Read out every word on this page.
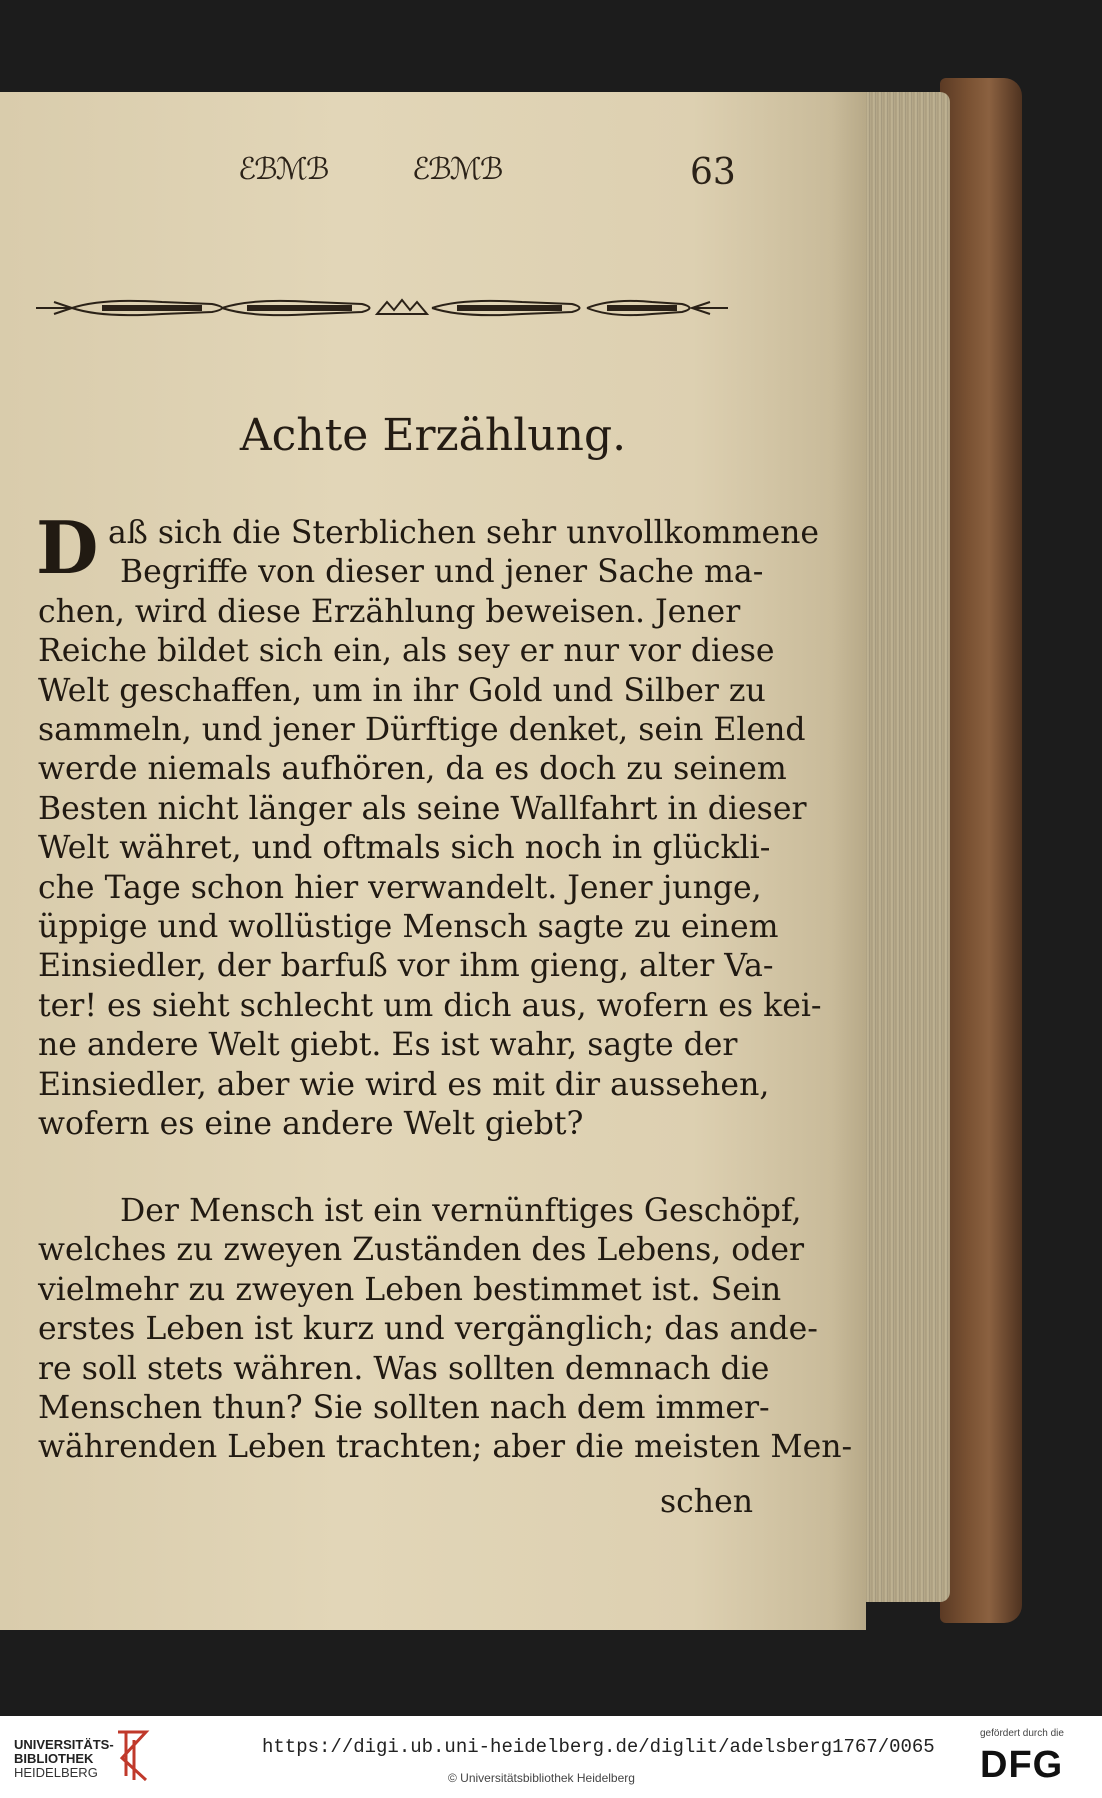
ℰℬℳℬ	ℰℬℳℬ	63
Achte Erzählung.
D aß sich die Sterblichen sehr unvollkommene
Begriffe von dieser und jener Sache ma-
chen, wird diese Erzählung beweisen. Jener
Reiche bildet sich ein, als sey er nur vor diese
Welt geschaffen, um in ihr Gold und Silber zu
sammeln, und jener Dürftige denket, sein Elend
werde niemals aufhören, da es doch zu seinem
Besten nicht länger als seine Wallfahrt in dieser
Welt währet, und oftmals sich noch in glückli-
che Tage schon hier verwandelt. Jener junge,
üppige und wollüstige Mensch sagte zu einem
Einsiedler, der barfuß vor ihm gieng, alter Va-
ter! es sieht schlecht um dich aus, wofern es kei-
ne andere Welt giebt. Es ist wahr, sagte der
Einsiedler, aber wie wird es mit dir aussehen,
wofern es eine andere Welt giebt?
Der Mensch ist ein vernünftiges Geschöpf,
welches zu zweyen Zuständen des Lebens, oder
vielmehr zu zweyen Leben bestimmet ist. Sein
erstes Leben ist kurz und vergänglich; das ande-
re soll stets währen. Was sollten demnach die
Menschen thun? Sie sollten nach dem immer-
währenden Leben trachten; aber die meisten Men-
schen
UNIVERSITÄTS-
BIBLIOTHEK
HEIDELBERG
https://digi.ub.uni-heidelberg.de/diglit/adelsberg1767/0065
© Universitätsbibliothek Heidelberg
gefördert durch die
DFG
